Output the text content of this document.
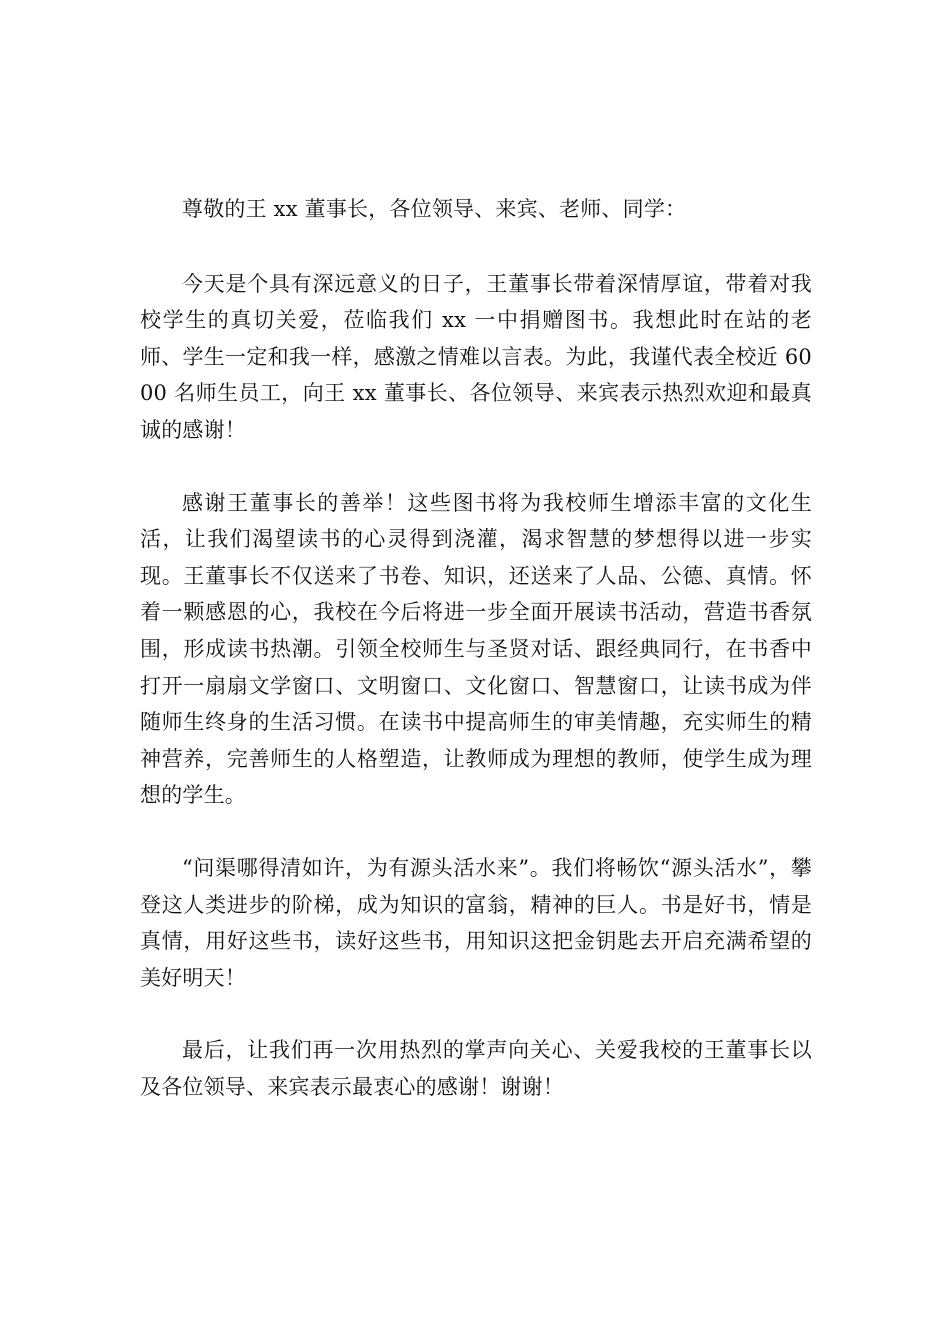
尊敬的王 xx 董事长，各位领导、来宾、老师、同学：

今天是个具有深远意义的日子，王董事长带着深情厚谊，带着对我校学生的真切关爱，莅临我们 xx 一中捐赠图书。我想此时在站的老师、学生一定和我一样，感激之情难以言表。为此，我谨代表全校近 6000 名师生员工，向王 xx 董事长、各位领导、来宾表示热烈欢迎和最真诚的感谢！

感谢王董事长的善举！这些图书将为我校师生增添丰富的文化生活，让我们渴望读书的心灵得到浇灌，渴求智慧的梦想得以进一步实现。王董事长不仅送来了书卷、知识，还送来了人品、公德、真情。怀着一颗感恩的心，我校在今后将进一步全面开展读书活动，营造书香氛围，形成读书热潮。引领全校师生与圣贤对话、跟经典同行，在书香中打开一扇扇文学窗口、文明窗口、文化窗口、智慧窗口，让读书成为伴随师生终身的生活习惯。在读书中提高师生的审美情趣，充实师生的精神营养，完善师生的人格塑造，让教师成为理想的教师，使学生成为理想的学生。

“问渠哪得清如许，为有源头活水来”。我们将畅饮“源头活水”，攀登这人类进步的阶梯，成为知识的富翁，精神的巨人。书是好书，情是真情，用好这些书，读好这些书，用知识这把金钥匙去开启充满希望的美好明天！

最后，让我们再一次用热烈的掌声向关心、关爱我校的王董事长以及各位领导、来宾表示最衷心的感谢！谢谢！
